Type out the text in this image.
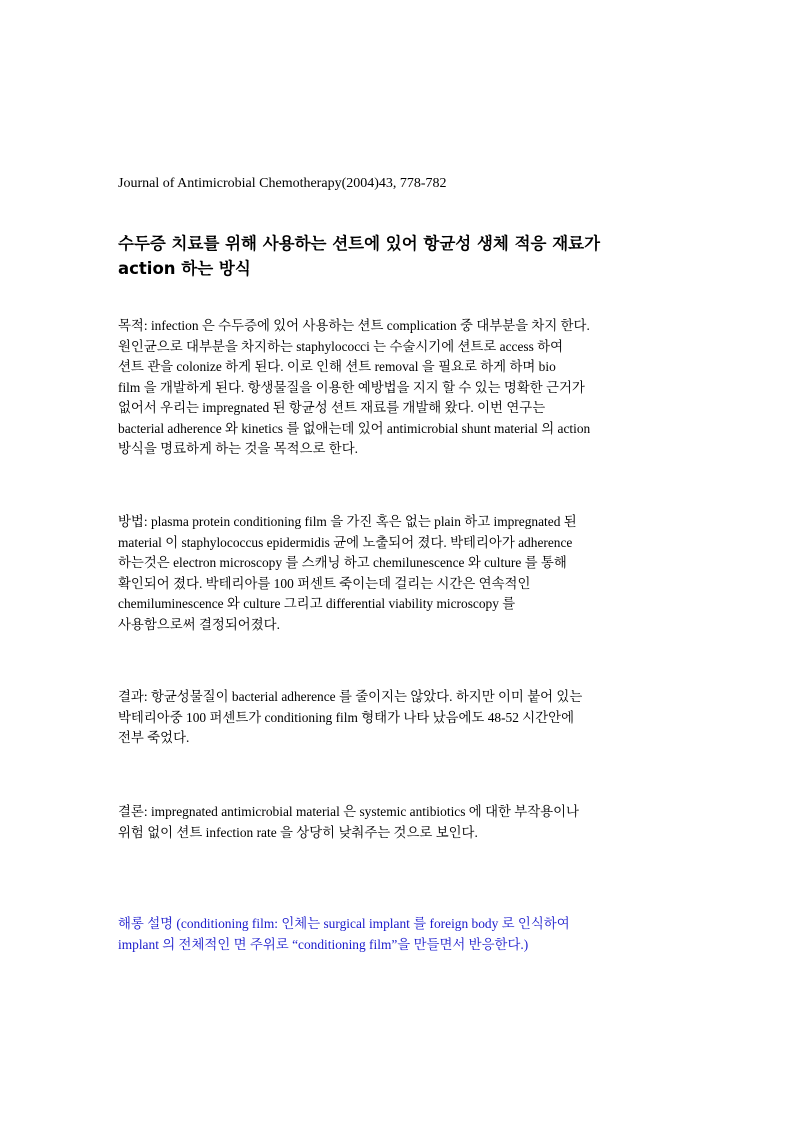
Journal of Antimicrobial Chemotherapy(2004)43, 778-782
수두증 치료를 위해 사용하는 션트에 있어 항균성 생체 적응 재료가
action 하는 방식
목적: infection 은 수두증에 있어 사용하는 션트 complication 중 대부분을 차지 한다.
원인균으로 대부분을 차지하는 staphylococci 는 수술시기에 션트로 access 하여
션트 관을 colonize 하게 된다. 이로 인해 션트 removal 을 필요로 하게 하며 bio
film 을 개발하게 된다. 항생물질을 이용한 예방법을 지지 할 수 있는 명확한 근거가
없어서 우리는 impregnated 된 항균성 션트 재료를 개발해 왔다. 이번 연구는
bacterial adherence 와 kinetics 를 없애는데 있어 antimicrobial shunt material 의 action
방식을 명료하게 하는 것을 목적으로 한다.
방법: plasma protein conditioning film 을 가진 혹은 없는 plain 하고 impregnated 된
material 이 staphylococcus epidermidis 균에 노출되어 졌다. 박테리아가 adherence
하는것은 electron microscopy 를 스캐닝 하고 chemilunescence 와 culture 를 통해
확인되어 졌다. 박테리아를 100 퍼센트 죽이는데 걸리는 시간은 연속적인
chemiluminescence 와 culture 그리고 differential viability microscopy 를
사용함으로써 결정되어졌다.
결과: 항균성물질이 bacterial adherence 를 줄이지는 않았다. 하지만 이미 붙어 있는
박테리아중 100 퍼센트가 conditioning film 형태가 나타 났음에도 48-52 시간안에
전부 죽었다.
결론: impregnated antimicrobial material 은 systemic antibiotics 에 대한 부작용이나
위험 없이 션트 infection rate 을 상당히 낮춰주는 것으로 보인다.
해롱 설명 (conditioning film: 인체는 surgical implant 를 foreign body 로 인식하여
implant 의 전체적인 면 주위로 “conditioning film”을 만들면서 반응한다.)
